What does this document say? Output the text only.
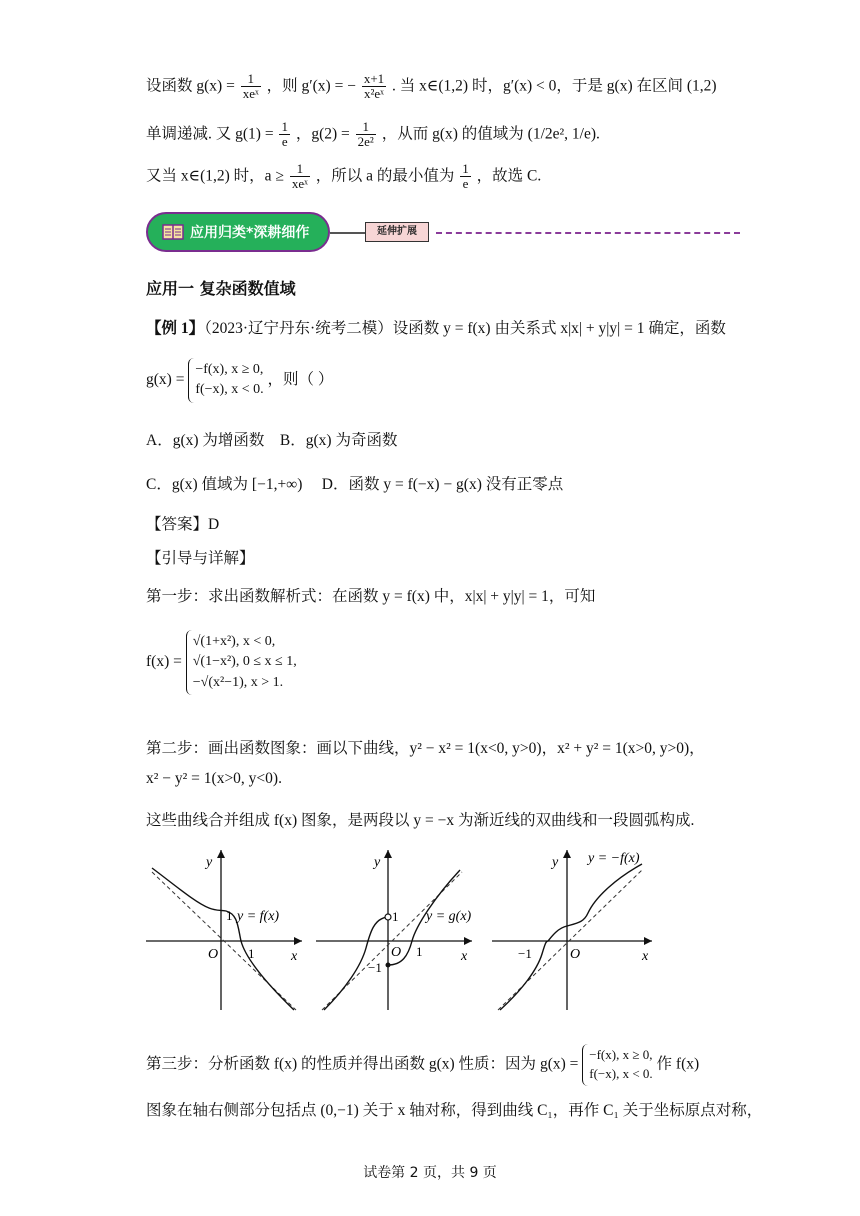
设函数 $g(x) = \frac{1}{\text{xeˣ}}$ ，则 g′(x) = − $\frac{x+1}{\text{x²eˣ}}$ . 当 x∈(1,2) 时，g′(x) < 0，于是 g(x) 在区间 (1,2)
单调递减. 又 $g(1) = \frac{1}{e}$ ，$g(2) = \frac{1}{\text{2e²}}$ ，从而 g(x) 的值域为 (1/2e², 1/e).
又当 x∈(1,2) 时，$a \ge \frac{1}{\text{xeˣ}}$ ，所以 a 的最小值为 $\frac{1}{e}$ ，故选 C.
应用归类*深耕细作	延伸扩展
应用一 复杂函数值域
【例 1】（2023·辽宁丹东·统考二模）设函数 y = f(x) 由关系式 x|x| + y|y| = 1 确定，函数
g(x) =
−f(x), x ≥ 0,
f(−x), x < 0.
，则（ ）
A．g(x) 为增函数 B．g(x) 为奇函数
C．g(x) 值域为 [−1,+∞) D．函数 y = f(−x) − g(x) 没有正零点
【答案】D
【引导与详解】
第一步：求出函数解析式：在函数 y = f(x) 中，x|x| + y|y| = 1，可知
f(x) =
√(1+x²), x < 0,
√(1−x²), 0 ≤ x ≤ 1,
−√(x²−1), x > 1.
第二步：画出函数图象：画以下曲线，y² − x² = 1(x<0, y>0)，x² + y² = 1(x>0, y>0)，
x² − y² = 1(x>0, y<0).
这些曲线合并组成 f(x) 图象，是两段以 y = −x 为渐近线的双曲线和一段圆弧构成.
1 y = f(x)
O 1	x
y
1 y = g(x)
O 1
−1
x
y	y = −f(x)
O
−1	x
y
第三步：分析函数 f(x) 的性质并得出函数 g(x) 性质：因为 g(x) =
−f(x), x ≥ 0,
f(−x), x < 0.
作 f(x)
图象在轴右侧部分包括点 (0,−1) 关于 x 轴对称，得到曲线 C₁，再作 C₁ 关于坐标原点对称，
试卷第 2 页，共 9 页
